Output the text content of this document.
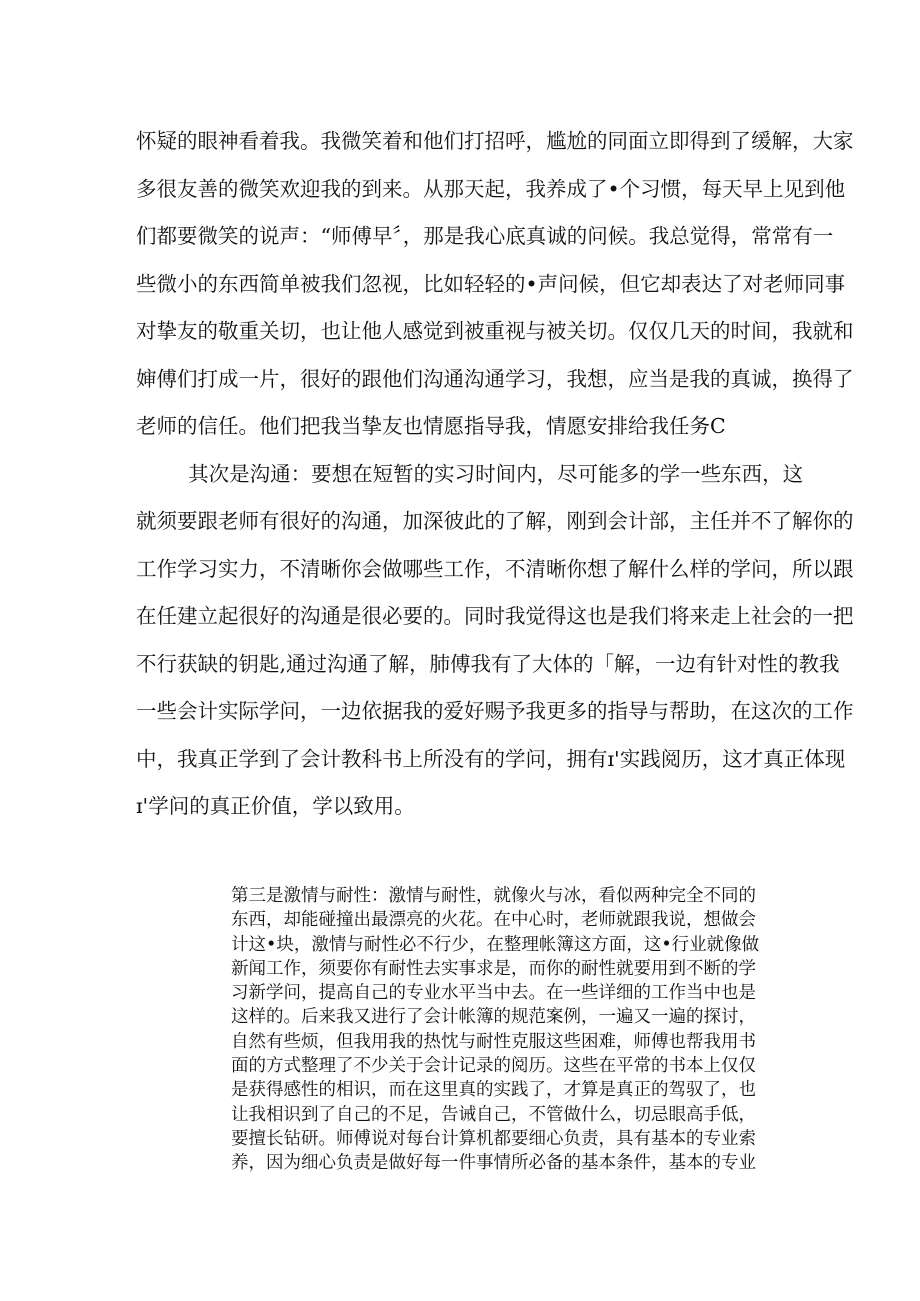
怀疑的眼神看着我。我微笑着和他们打招呼，尴尬的同面立即得到了缓解，大家
多很友善的微笑欢迎我的到来。从那天起，我养成了•个习惯，每天早上见到他
们都要微笑的说声：“师傅早〞，那是我心底真诚的问候。我总觉得，常常有一
些微小的东西简单被我们忽视，比如轻轻的•声问候，但它却表达了对老师同事
对挚友的敬重关切，也让他人感觉到被重视与被关切。仅仅几天的时间，我就和
婶傅们打成一片，很好的跟他们沟通沟通学习，我想，应当是我的真诚，换得了
老师的信任。他们把我当挚友也情愿指导我，情愿安排给我任务C
其次是沟通：要想在短暂的实习时间内，尽可能多的学一些东西，这
就须要跟老师有很好的沟通，加深彼此的了解，刚到会计部，主任并不了解你的
工作学习实力，不清晰你会做哪些工作，不清晰你想了解什么样的学问，所以跟
在任建立起很好的沟通是很必要的。同时我觉得这也是我们将来走上社会的一把
不行获缺的钥匙,通过沟通了解，肺傅我有了大体的「解，一边有针对性的教我
一些会计实际学问，一边依据我的爱好赐予我更多的指导与帮助，在这次的工作
中，我真正学到了会计教科书上所没有的学问，拥有ɪ'实践阅历，这才真正体现
ɪ'学问的真正价值，学以致用。
第三是激情与耐性：激情与耐性，就像火与冰，看似两种完全不同的
东西，却能碰撞出最漂亮的火花。在中心时，老师就跟我说，想做会
计这•块，激情与耐性必不行少，在整理帐簿这方面，这•行业就像做
新闻工作，须要你有耐性去实事求是，而你的耐性就要用到不断的学
习新学问，提高自己的专业水平当中去。在一些详细的工作当中也是
这样的。后来我又进行了会计帐簿的规范案例，一遍又一遍的探讨，
自然有些烦，但我用我的热忱与耐性克服这些困难，师傅也帮我用书
面的方式整理了不少关于会计记录的阅历。这些在平常的书本上仅仅
是获得感性的相识，而在这里真的实践了，才算是真正的驾驭了，也
让我相识到了自己的不足，告诫自己，不管做什么，切忌眼高手低，
要擅长钻研。师傅说对每台计算机都要细心负责，具有基本的专业索
养，因为细心负责是做好每一件事情所必备的基本条件，基本的专业
